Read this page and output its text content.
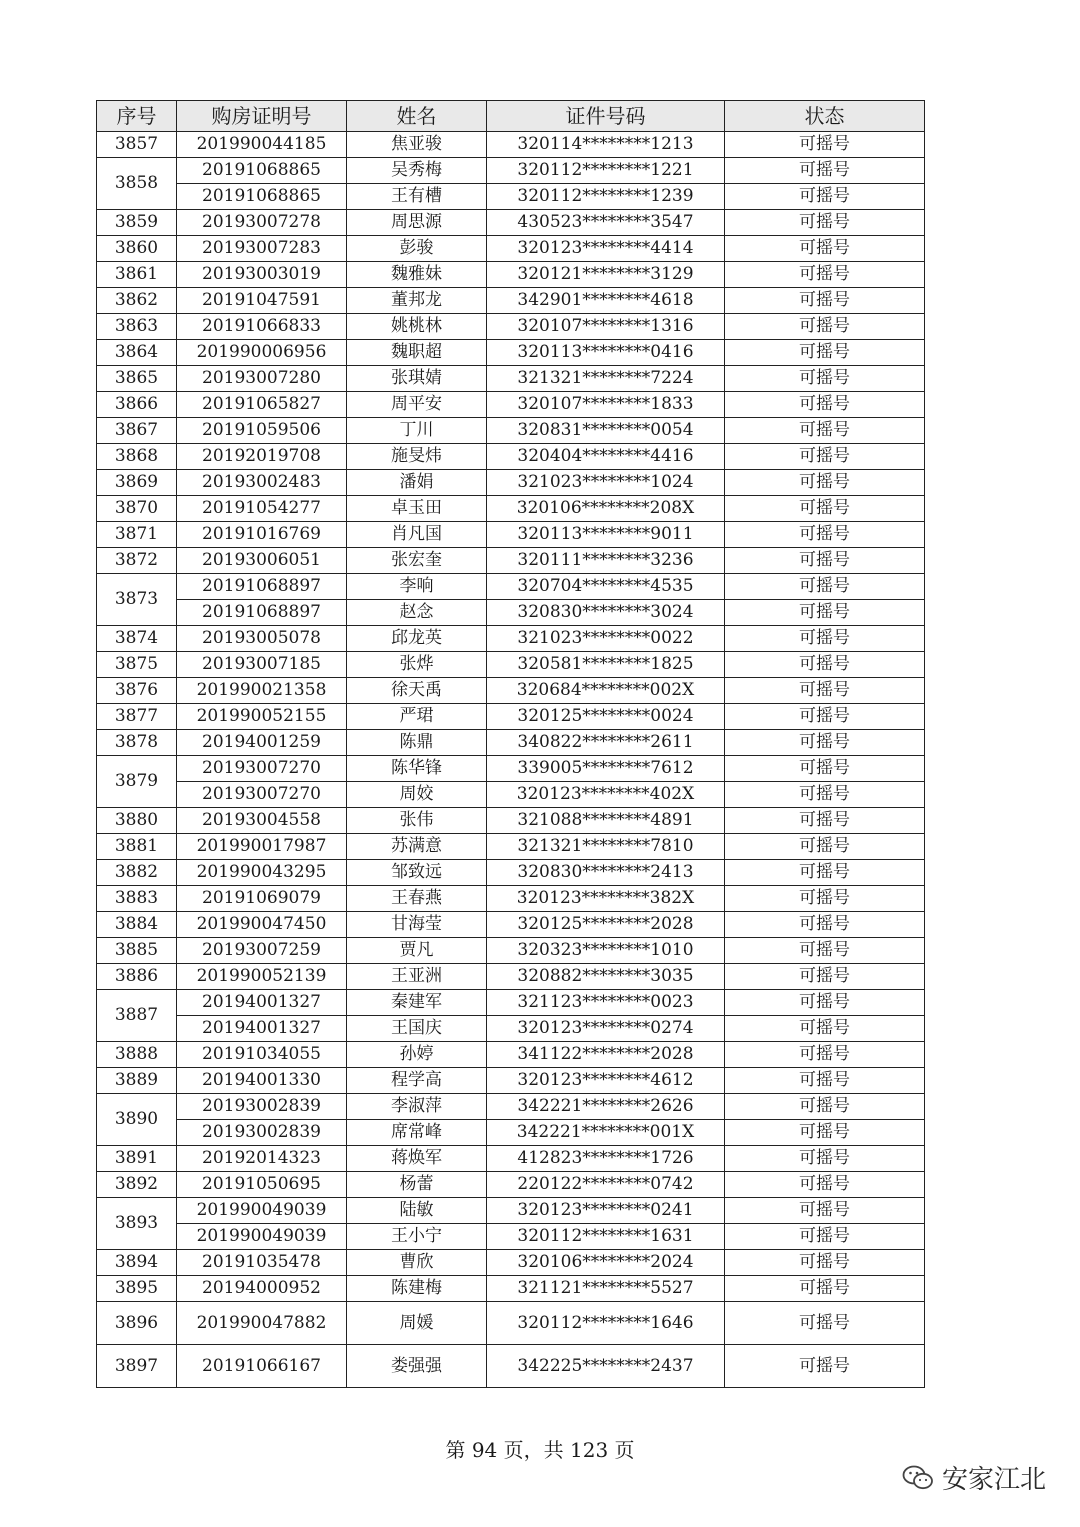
序号	购房证明号	姓名	证件号码	状态
3857	201990044185	焦亚骏	320114********1213	可摇号
3858	20191068865	吴秀梅	320112********1221	可摇号
	20191068865	王有槽	320112********1239	可摇号
3859	20193007278	周思源	430523********3547	可摇号
3860	20193007283	彭骏	320123********4414	可摇号
3861	20193003019	魏雅妹	320121********3129	可摇号
3862	20191047591	董邦龙	342901********4618	可摇号
3863	20191066833	姚桃林	320107********1316	可摇号
3864	201990006956	魏职超	320113********0416	可摇号
3865	20193007280	张琪婧	321321********7224	可摇号
3866	20191065827	周平安	320107********1833	可摇号
3867	20191059506	丁川	320831********0054	可摇号
3868	20192019708	施旻炜	320404********4416	可摇号
3869	20193002483	潘娟	321023********1024	可摇号
3870	20191054277	卓玉田	320106********208X	可摇号
3871	20191016769	肖凡国	320113********9011	可摇号
3872	20193006051	张宏奎	320111********3236	可摇号
3873	20191068897	李响	320704********4535	可摇号
	20191068897	赵念	320830********3024	可摇号
3874	20193005078	邱龙英	321023********0022	可摇号
3875	20193007185	张烨	320581********1825	可摇号
3876	201990021358	徐天禹	320684********002X	可摇号
3877	201990052155	严珺	320125********0024	可摇号
3878	20194001259	陈鼎	340822********2611	可摇号
3879	20193007270	陈华锋	339005********7612	可摇号
	20193007270	周姣	320123********402X	可摇号
3880	20193004558	张伟	321088********4891	可摇号
3881	201990017987	苏满意	321321********7810	可摇号
3882	201990043295	邹致远	320830********2413	可摇号
3883	20191069079	王春燕	320123********382X	可摇号
3884	201990047450	甘海莹	320125********2028	可摇号
3885	20193007259	贾凡	320323********1010	可摇号
3886	201990052139	王亚洲	320882********3035	可摇号
3887	20194001327	秦建军	321123********0023	可摇号
	20194001327	王国庆	320123********0274	可摇号
3888	20191034055	孙婷	341122********2028	可摇号
3889	20194001330	程学高	320123********4612	可摇号
3890	20193002839	李淑萍	342221********2626	可摇号
	20193002839	席常峰	342221********001X	可摇号
3891	20192014323	蒋焕军	412823********1726	可摇号
3892	20191050695	杨蕾	220122********0742	可摇号
3893	201990049039	陆敏	320123********0241	可摇号
	201990049039	王小宁	320112********1631	可摇号
3894	20191035478	曹欣	320106********2024	可摇号
3895	20194000952	陈建梅	321121********5527	可摇号
3896	201990047882	周媛	320112********1646	可摇号
3897	20191066167	娄强强	342225********2437	可摇号
第 94 页，共 123 页
安家江北
